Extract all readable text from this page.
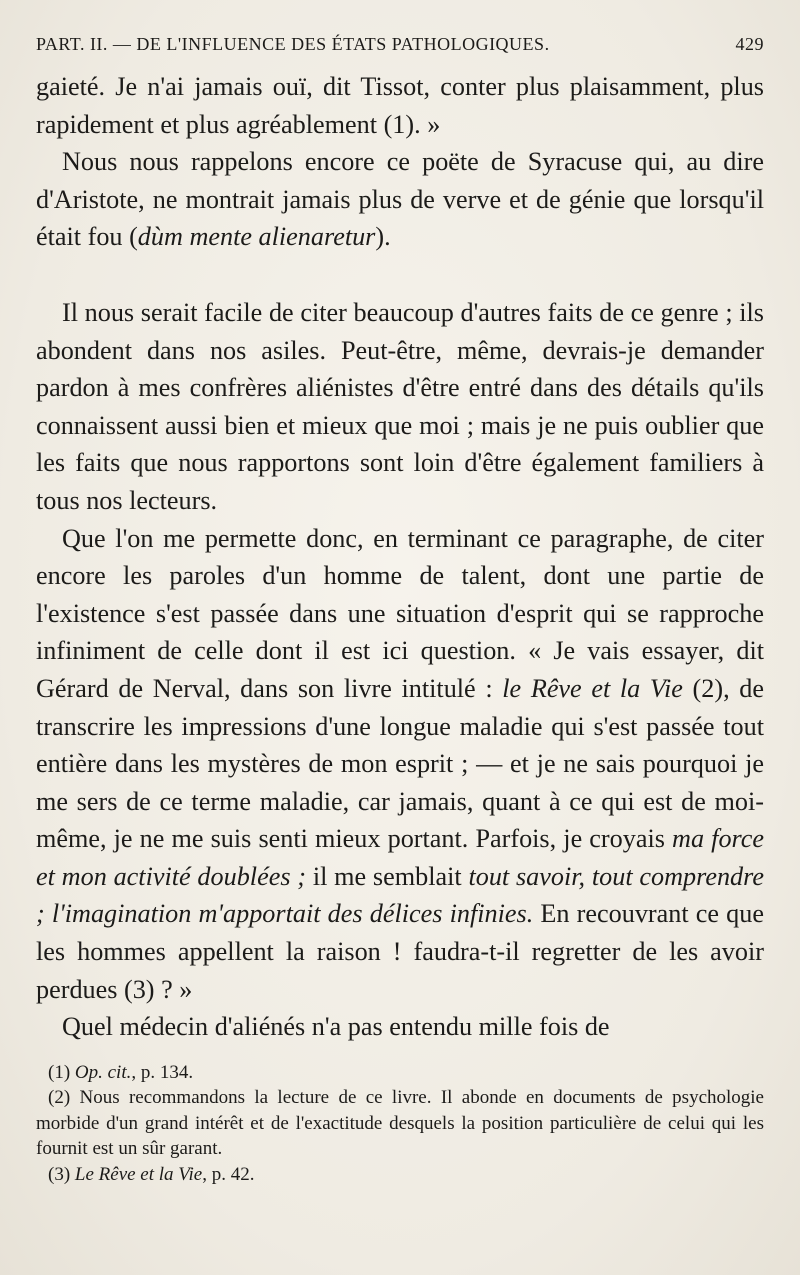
PART. II. — DE L'INFLUENCE DES ÉTATS PATHOLOGIQUES.	429

gaieté. Je n'ai jamais ouï, dit Tissot, conter plus plaisamment, plus rapidement et plus agréablement (1). »

Nous nous rappelons encore ce poëte de Syracuse qui, au dire d'Aristote, ne montrait jamais plus de verve et de génie que lorsqu'il était fou (dùm mente alienaretur).

Il nous serait facile de citer beaucoup d'autres faits de ce genre ; ils abondent dans nos asiles. Peut-être, même, devrais-je demander pardon à mes confrères aliénistes d'être entré dans des détails qu'ils connaissent aussi bien et mieux que moi ; mais je ne puis oublier que les faits que nous rapportons sont loin d'être également familiers à tous nos lecteurs.

Que l'on me permette donc, en terminant ce paragraphe, de citer encore les paroles d'un homme de talent, dont une partie de l'existence s'est passée dans une situation d'esprit qui se rapproche infiniment de celle dont il est ici question. « Je vais essayer, dit Gérard de Nerval, dans son livre intitulé : le Rêve et la Vie (2), de transcrire les impressions d'une longue maladie qui s'est passée tout entière dans les mystères de mon esprit ; — et je ne sais pourquoi je me sers de ce terme maladie, car jamais, quant à ce qui est de moi-même, je ne me suis senti mieux portant. Parfois, je croyais ma force et mon activité doublées ; il me semblait tout savoir, tout comprendre ; l'imagination m'apportait des délices infinies. En recouvrant ce que les hommes appellent la raison ! faudra-t-il regretter de les avoir perdues (3) ? »

Quel médecin d'aliénés n'a pas entendu mille fois de

(1) Op. cit., p. 134.

(2) Nous recommandons la lecture de ce livre. Il abonde en documents de psychologie morbide d'un grand intérêt et de l'exactitude desquels la position particulière de celui qui les fournit est un sûr garant.

(3) Le Rêve et la Vie, p. 42.
